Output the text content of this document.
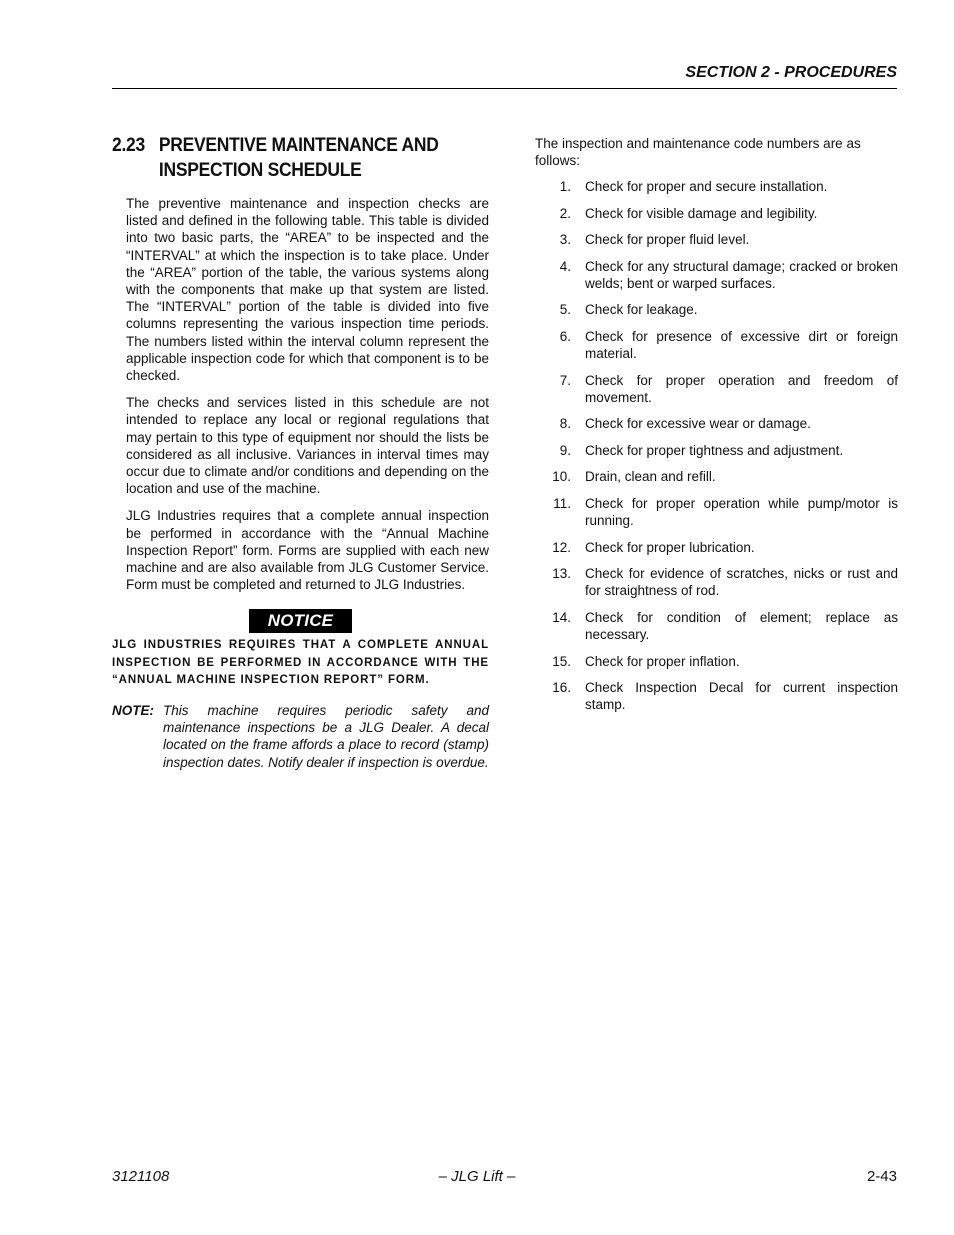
SECTION 2 - PROCEDURES
2.23 PREVENTIVE MAINTENANCE AND
INSPECTION SCHEDULE

The preventive maintenance and inspection checks are listed and defined in the following table. This table is divided into two basic parts, the “AREA” to be inspected and the “INTERVAL” at which the inspection is to take place. Under the “AREA” portion of the table, the various systems along with the components that make up that system are listed. The “INTERVAL” portion of the table is divided into five columns representing the various inspection time periods. The numbers listed within the interval column represent the applicable inspection code for which that component is to be checked.

The checks and services listed in this schedule are not intended to replace any local or regional regulations that may pertain to this type of equipment nor should the lists be considered as all inclusive. Variances in interval times may occur due to climate and/or conditions and depending on the location and use of the machine.

JLG Industries requires that a complete annual inspection be performed in accordance with the “Annual Machine Inspection Report” form. Forms are supplied with each new machine and are also available from JLG Customer Service. Form must be completed and returned to JLG Industries.

NOTICE

JLG INDUSTRIES REQUIRES THAT A COMPLETE ANNUAL INSPECTION BE PERFORMED IN ACCORDANCE WITH THE “ANNUAL MACHINE INSPECTION REPORT” FORM.

NOTE: This machine requires periodic safety and maintenance inspections be a JLG Dealer. A decal located on the frame affords a place to record (stamp) inspection dates. Notify dealer if inspection is overdue.

The inspection and maintenance code numbers are as follows:

1.	Check for proper and secure installation.
2.	Check for visible damage and legibility.
3.	Check for proper fluid level.
4.	Check for any structural damage; cracked or broken welds; bent or warped surfaces.
5.	Check for leakage.
6.	Check for presence of excessive dirt or foreign material.
7.	Check for proper operation and freedom of movement.
8.	Check for excessive wear or damage.
9.	Check for proper tightness and adjustment.
10.	Drain, clean and refill.
11.	Check for proper operation while pump/motor is running.
12.	Check for proper lubrication.
13.	Check for evidence of scratches, nicks or rust and for straightness of rod.
14.	Check for condition of element; replace as necessary.
15.	Check for proper inflation.
16.	Check Inspection Decal for current inspection stamp.
3121108	– JLG Lift –	2-43
